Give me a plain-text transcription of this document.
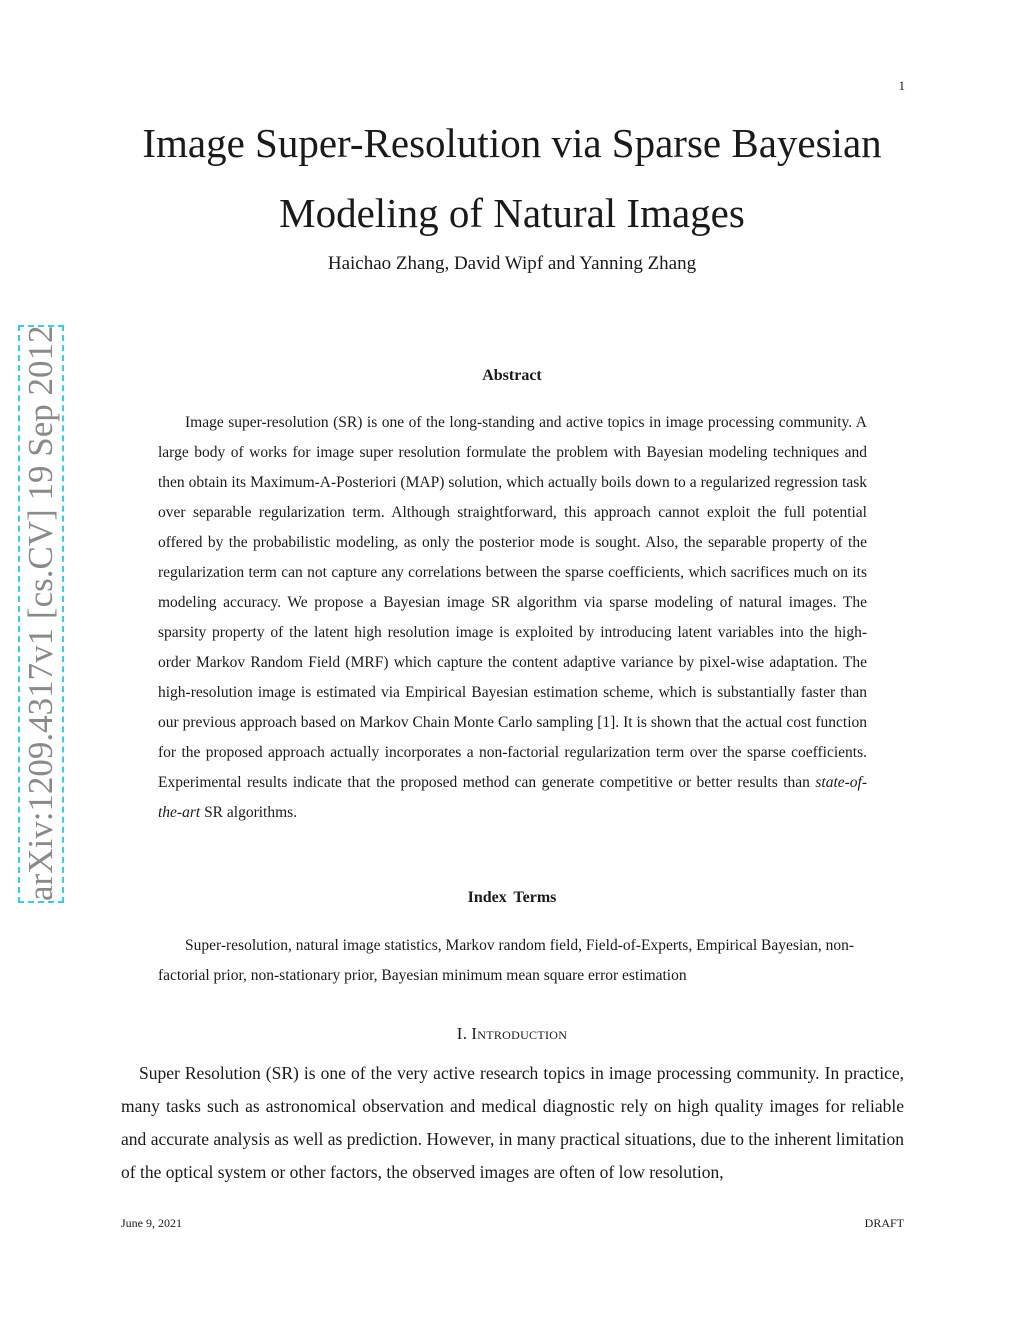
1
Image Super-Resolution via Sparse Bayesian
Modeling of Natural Images
Haichao Zhang, David Wipf and Yanning Zhang
arXiv:1209.4317v1 [cs.CV] 19 Sep 2012	Abstract
Image super-resolution (SR) is one of the long-standing and active topics in image processing community. A large body of works for image super resolution formulate the problem with Bayesian modeling techniques and then obtain its Maximum-A-Posteriori (MAP) solution, which actually boils down to a regularized regression task over separable regularization term. Although straightforward, this approach cannot exploit the full potential offered by the probabilistic modeling, as only the posterior mode is sought. Also, the separable property of the regularization term can not capture any correlations between the sparse coefficients, which sacrifices much on its modeling accuracy. We propose a Bayesian image SR algorithm via sparse modeling of natural images. The sparsity property of the latent high resolution image is exploited by introducing latent variables into the high-order Markov Random Field (MRF) which capture the content adaptive variance by pixel-wise adaptation. The high-resolution image is estimated via Empirical Bayesian estimation scheme, which is substantially faster than our previous approach based on Markov Chain Monte Carlo sampling [1]. It is shown that the actual cost function for the proposed approach actually incorporates a non-factorial regularization term over the sparse coefficients. Experimental results indicate that the proposed method can generate competitive or better results than state-of-the-art SR algorithms.
Index Terms
Super-resolution, natural image statistics, Markov random field, Field-of-Experts, Empirical Bayesian, non-factorial prior, non-stationary prior, Bayesian minimum mean square error estimation
I. Introduction
Super Resolution (SR) is one of the very active research topics in image processing community. In practice, many tasks such as astronomical observation and medical diagnostic rely on high quality images for reliable and accurate analysis as well as prediction. However, in many practical situations, due to the inherent limitation of the optical system or other factors, the observed images are often of low resolution,
June 9, 2021	DRAFT
